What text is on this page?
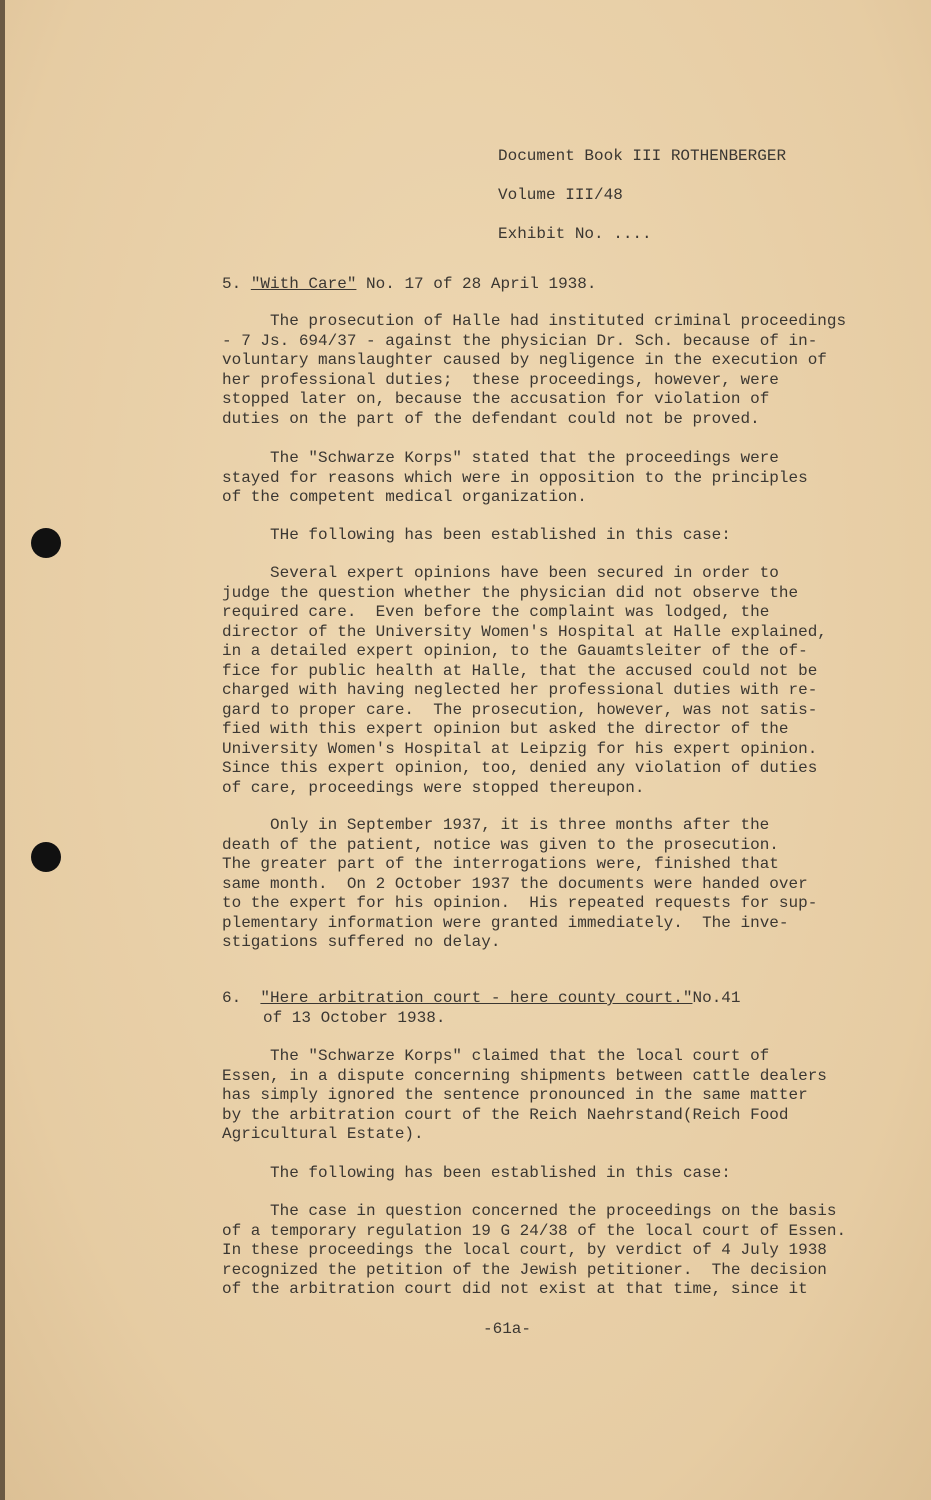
Document Book III ROTHENBERGER
Volume III/48
Exhibit No. ....
5. "With Care" No. 17 of 28 April 1938.
The prosecution of Halle had instituted criminal proceedings
- 7 Js. 694/37 - against the physician Dr. Sch. because of in-
voluntary manslaughter caused by negligence in the execution of
her professional duties;  these proceedings, however, were
stopped later on, because the accusation for violation of
duties on the part of the defendant could not be proved.
The "Schwarze Korps" stated that the proceedings were
stayed for reasons which were in opposition to the principles
of the competent medical organization.
THe following has been established in this case:
Several expert opinions have been secured in order to
judge the question whether the physician did not observe the
required care.  Even before the complaint was lodged, the
director of the University Women's Hospital at Halle explained,
in a detailed expert opinion, to the Gauamtsleiter of the of-
fice for public health at Halle, that the accused could not be
charged with having neglected her professional duties with re-
gard to proper care.  The prosecution, however, was not satis-
fied with this expert opinion but asked the director of the
University Women's Hospital at Leipzig for his expert opinion.
Since this expert opinion, too, denied any violation of duties
of care, proceedings were stopped thereupon.
Only in September 1937, it is three months after the
death of the patient, notice was given to the prosecution.
The greater part of the interrogations were, finished that
same month.  On 2 October 1937 the documents were handed over
to the expert for his opinion.  His repeated requests for sup-
plementary information were granted immediately.  The inve-
stigations suffered no delay.
6. "Here arbitration court - here county court."No.41
of 13 October 1938.
The "Schwarze Korps" claimed that the local court of
Essen, in a dispute concerning shipments between cattle dealers
has simply ignored the sentence pronounced in the same matter
by the arbitration court of the Reich Naehrstand(Reich Food
Agricultural Estate).
The following has been established in this case:
The case in question concerned the proceedings on the basis
of a temporary regulation 19 G 24/38 of the local court of Essen.
In these proceedings the local court, by verdict of 4 July 1938
recognized the petition of the Jewish petitioner.  The decision
of the arbitration court did not exist at that time, since it
-61a-
